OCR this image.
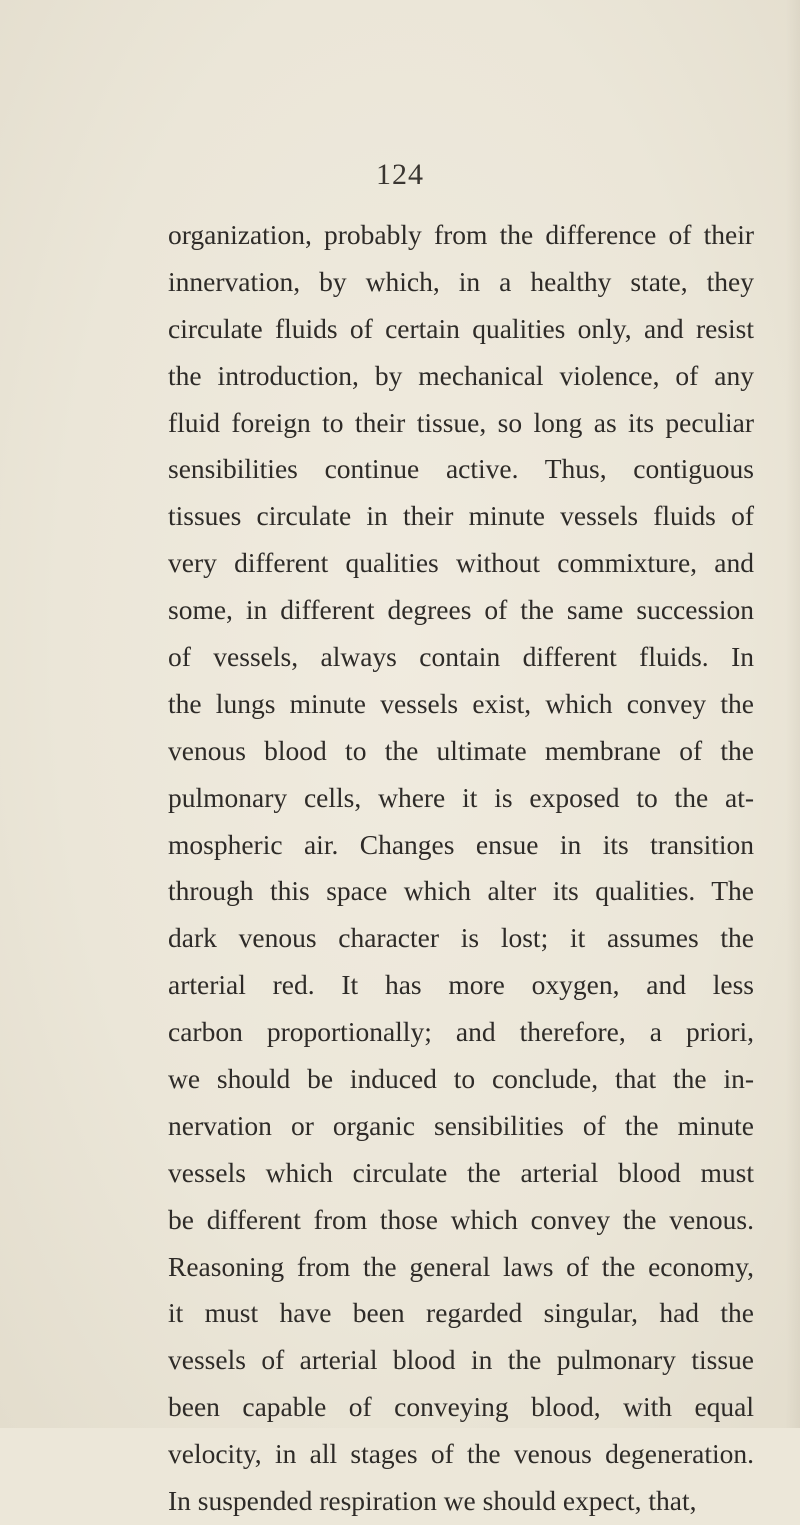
124
organization, probably from the difference of their
innervation, by which, in a healthy state, they
circulate fluids of certain qualities only, and resist
the introduction, by mechanical violence, of any
fluid foreign to their tissue, so long as its peculiar
sensibilities continue active. Thus, contiguous
tissues circulate in their minute vessels fluids of
very different qualities without commixture, and
some, in different degrees of the same succession
of vessels, always contain different fluids. In
the lungs minute vessels exist, which convey the
venous blood to the ultimate membrane of the
pulmonary cells, where it is exposed to the at-
mospheric air. Changes ensue in its transition
through this space which alter its qualities. The
dark venous character is lost; it assumes the
arterial red. It has more oxygen, and less
carbon proportionally; and therefore, a priori,
we should be induced to conclude, that the in-
nervation or organic sensibilities of the minute
vessels which circulate the arterial blood must
be different from those which convey the venous.
Reasoning from the general laws of the economy,
it must have been regarded singular, had the
vessels of arterial blood in the pulmonary tissue
been capable of conveying blood, with equal
velocity, in all stages of the venous degeneration.
In suspended respiration we should expect, that,
